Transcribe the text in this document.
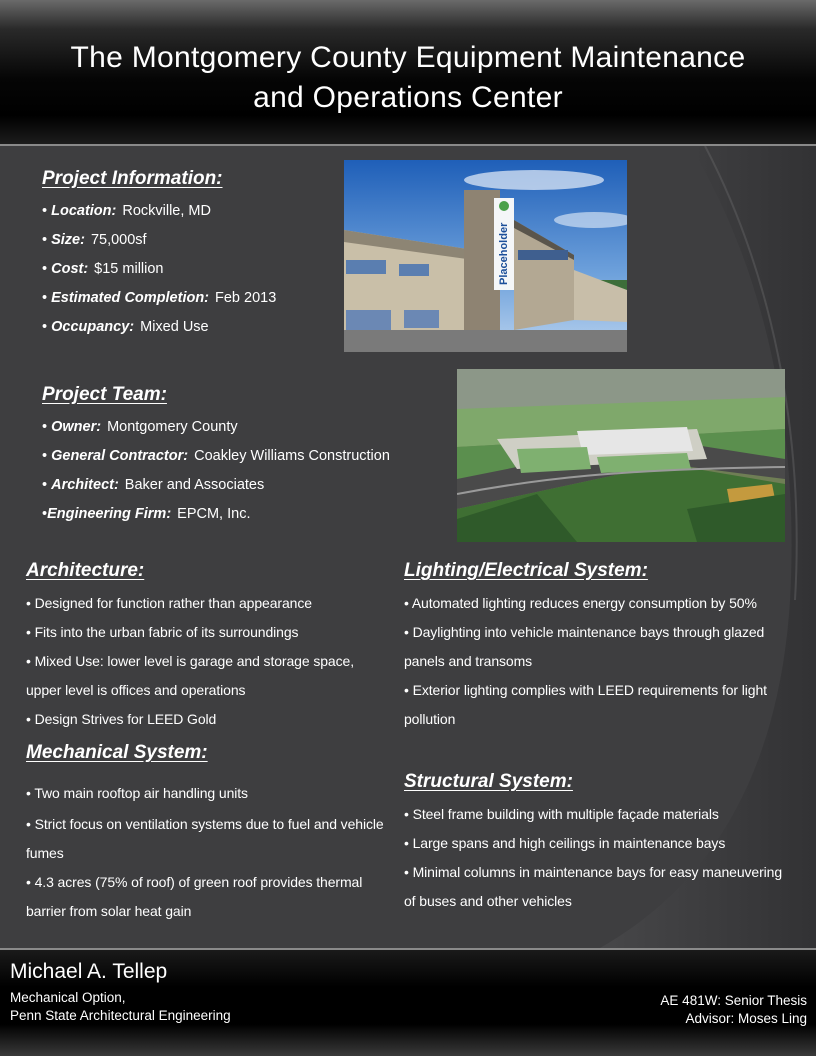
The Montgomery County Equipment Maintenance
and Operations Center
Project Information:
• Location: Rockville, MD
• Size: 75,000sf
• Cost: $15 million
• Estimated Completion: Feb 2013
• Occupancy: Mixed Use
Placeholder
Project Team:
• Owner: Montgomery County
• General Contractor: Coakley Williams Construction
• Architect: Baker and Associates
•Engineering Firm: EPCM, Inc.
Architecture:
• Designed for function rather than appearance
• Fits into the urban fabric of its surroundings
• Mixed Use: lower level is garage and storage space, upper level is offices and operations
• Design Strives for LEED Gold
Mechanical System:
• Two main rooftop air handling units
• Strict focus on ventilation systems due to fuel and vehicle fumes
• 4.3 acres (75% of roof) of green roof provides thermal barrier from solar heat gain
Lighting/Electrical System:
• Automated lighting reduces energy consumption by 50%
• Daylighting into vehicle maintenance bays through glazed panels and transoms
• Exterior lighting complies with LEED requirements for light pollution
Structural System:
• Steel frame building with multiple façade materials
• Large spans and high ceilings in maintenance bays
• Minimal columns in maintenance bays for easy maneuvering of buses and other vehicles
Michael A. Tellep
Mechanical Option,
Penn State Architectural Engineering
AE 481W: Senior Thesis
Advisor: Moses Ling
